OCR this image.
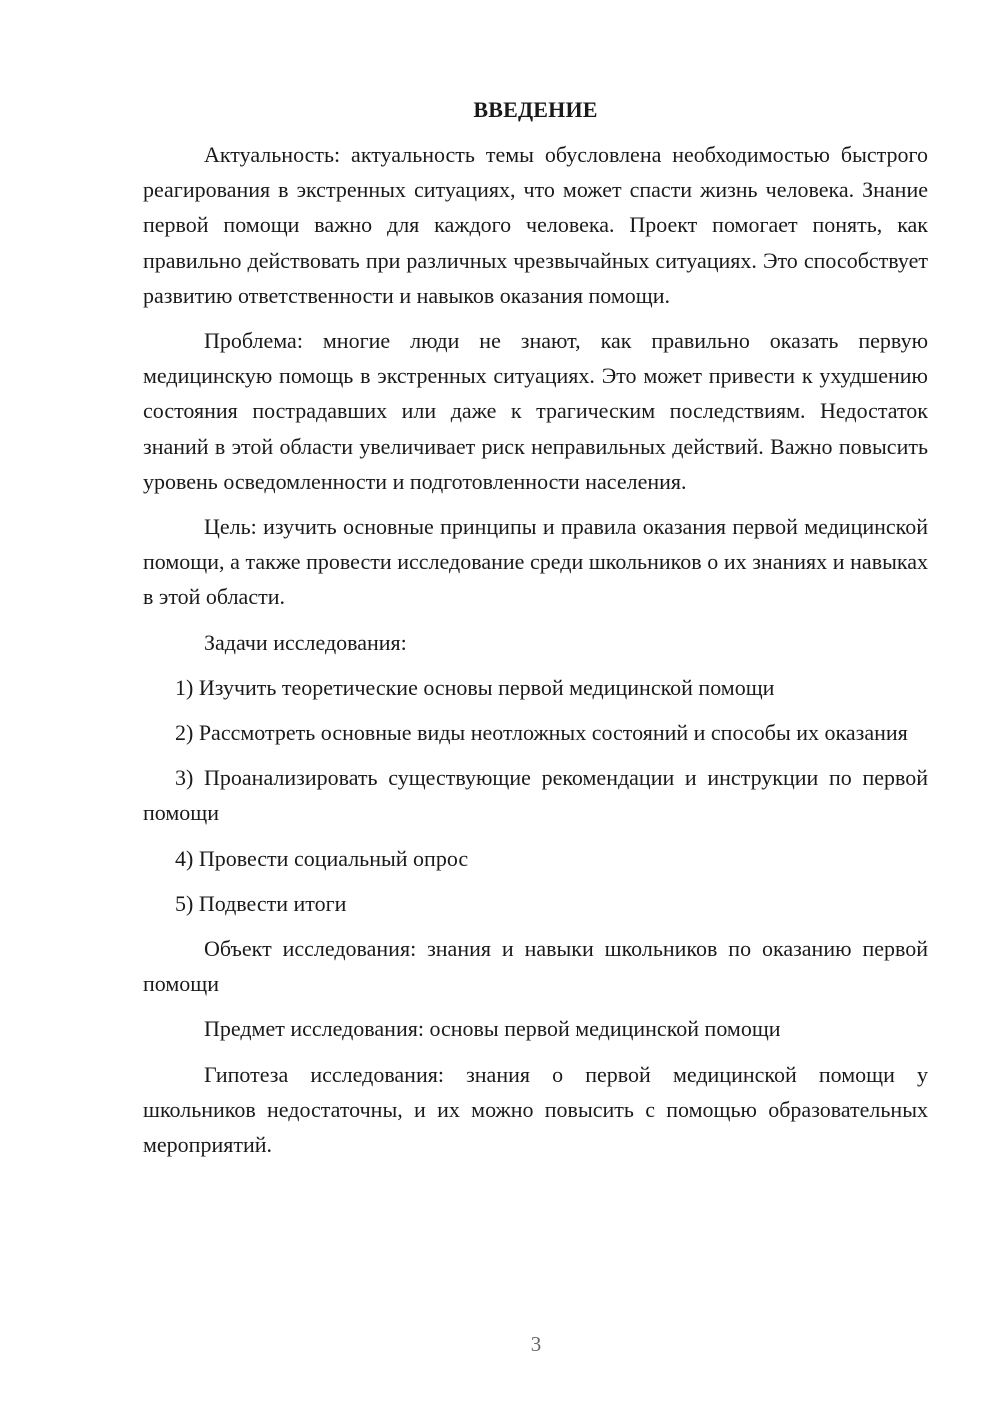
ВВЕДЕНИЕ

Актуальность: актуальность темы обусловлена необходимостью быстрого реагирования в экстренных ситуациях, что может спасти жизнь человека. Знание первой помощи важно для каждого человека. Проект помогает понять, как правильно действовать при различных чрезвычайных ситуациях. Это способствует развитию ответственности и навыков оказания помощи.

Проблема: многие люди не знают, как правильно оказать первую медицинскую помощь в экстренных ситуациях. Это может привести к ухудшению состояния пострадавших или даже к трагическим последствиям. Недостаток знаний в этой области увеличивает риск неправильных действий. Важно повысить уровень осведомленности и подготовленности населения.

Цель: изучить основные принципы и правила оказания первой медицинской помощи, а также провести исследование среди школьников о их знаниях и навыках в этой области.

Задачи исследования:

1) Изучить теоретические основы первой медицинской помощи

2) Рассмотреть основные виды неотложных состояний и способы их оказания

3) Проанализировать существующие рекомендации и инструкции по первой помощи

4) Провести социальный опрос

5) Подвести итоги

Объект исследования: знания и навыки школьников по оказанию первой помощи

Предмет исследования: основы первой медицинской помощи

Гипотеза исследования: знания о первой медицинской помощи у школьников недостаточны, и их можно повысить с помощью образовательных мероприятий.

3
